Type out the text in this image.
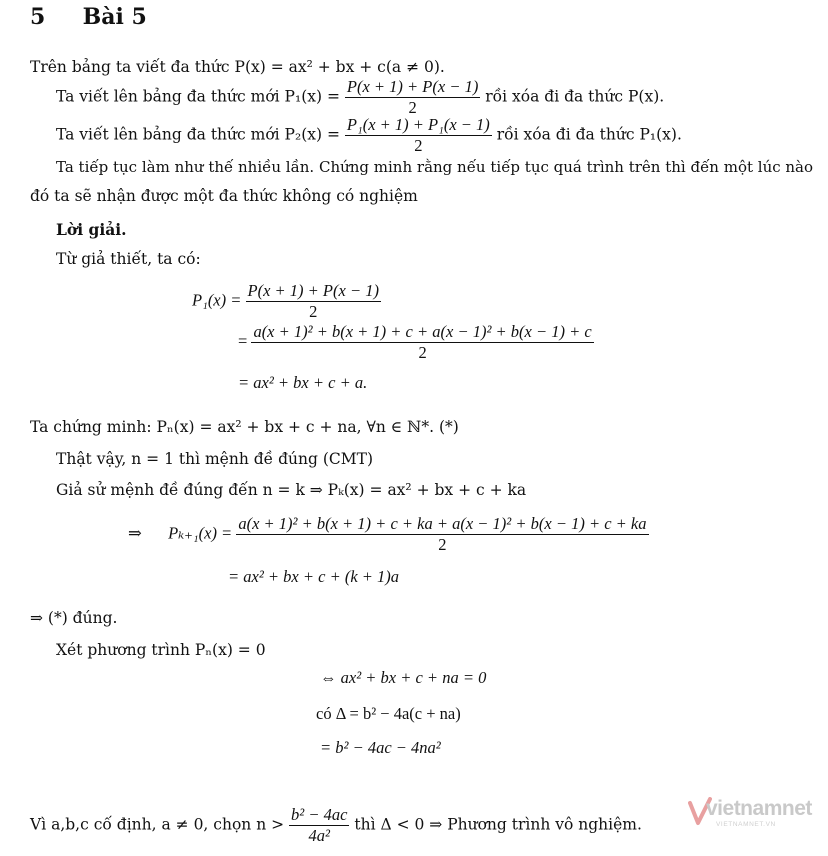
5 Bài 5
Trên bảng ta viết đa thức P(x) = ax² + bx + c(a ≠ 0).
Ta viết lên bảng đa thức mới $P_1(x) = \frac{P(x + 1) + P(x - 1)}{2}$ rồi xóa đi đa thức P(x).
Ta viết lên bảng đa thức mới $P_2(x) = \frac{\text{P₁(x + 1) + P₁(x − 1)}}{2}$ rồi xóa đi đa thức P₁(x).
Ta tiếp tục làm như thế nhiều lần. Chứng minh rằng nếu tiếp tục quá trình trên thì đến một lúc nào
đó ta sẽ nhận được một đa thức không có nghiệm
Lời giải.
Từ giả thiết, ta có:
$P_1(x) = \frac{P(x + 1) + P(x - 1)}{2}$
= $\frac{\text{a(x + 1)² + b(x + 1) + c + a(x − 1)² + b(x − 1) + c}}{2}$
= ax² + bx + c + a.
Ta chứng minh: Pₙ(x) = ax² + bx + c + na, ∀n ∈ ℕ*. (*)
Thật vậy, n = 1 thì mệnh đề đúng (CMT)
Giả sử mệnh đề đúng đến n = k ⇒ Pₖ(x) = ax² + bx + c + ka
⇒ Pₖ₊₁(x) = a(x + 1)² + b(x + 1) + c + ka + a(x − 1)² + b(x − 1) + c + ka
2
= ax² + bx + c + (k + 1)a
⇒ (*) đúng.
Xét phương trình Pₙ(x) = 0
⇔ ax² + bx + c + na = 0
có Δ = b² − 4a(c + na)
= b² − 4ac − 4na²
Vì a,b,c cố định, a ≠ 0, chọn $n > \frac{\text{b² − 4ac}}{\text{4a²}}$ thì Δ < 0 ⇒ Phương trình vô nghiệm.
vietnamnet
VIETNAMNET.VN
